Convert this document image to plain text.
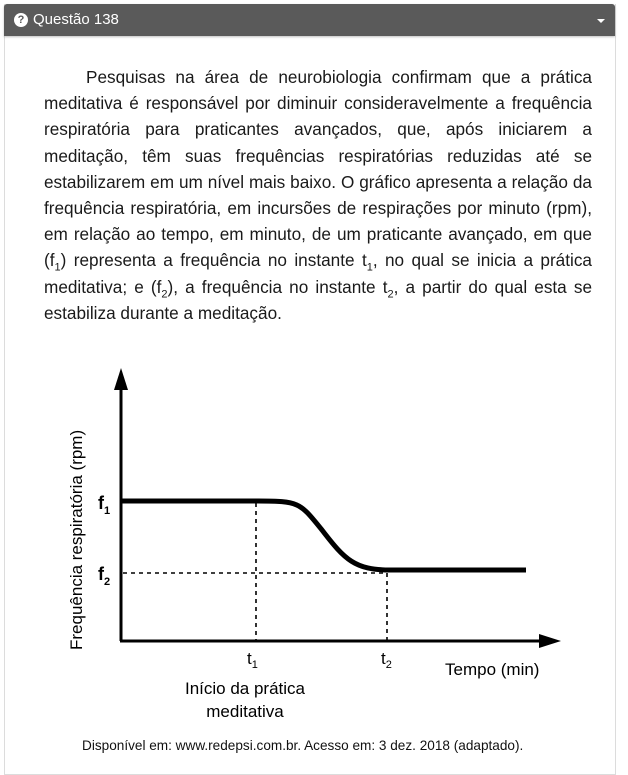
? Questão 138

Pesquisas na área de neurobiologia confirmam que a prática meditativa é responsável por diminuir consideravelmente a frequência respiratória para praticantes avançados, que, após iniciarem a meditação, têm suas frequências respiratórias reduzidas até se estabilizarem em um nível mais baixo. O gráfico apresenta a relação da frequência respiratória, em incursões de respirações por minuto (rpm), em relação ao tempo, em minuto, de um praticante avançado, em que $(f_1)$ representa a frequência no instante $t_1$, no qual se inicia a prática meditativa; e $(f_2)$, a frequência no instante $t_2$, a partir do qual esta se estabiliza durante a meditação.

$f_1$
$f_2$
$t_1$	$t_2$	Tempo (min)
Frequência respiratória (rpm)
Início da prática
meditativa
Disponível em: www.redepsi.com.br. Acesso em: 3 dez. 2018 (adaptado).
